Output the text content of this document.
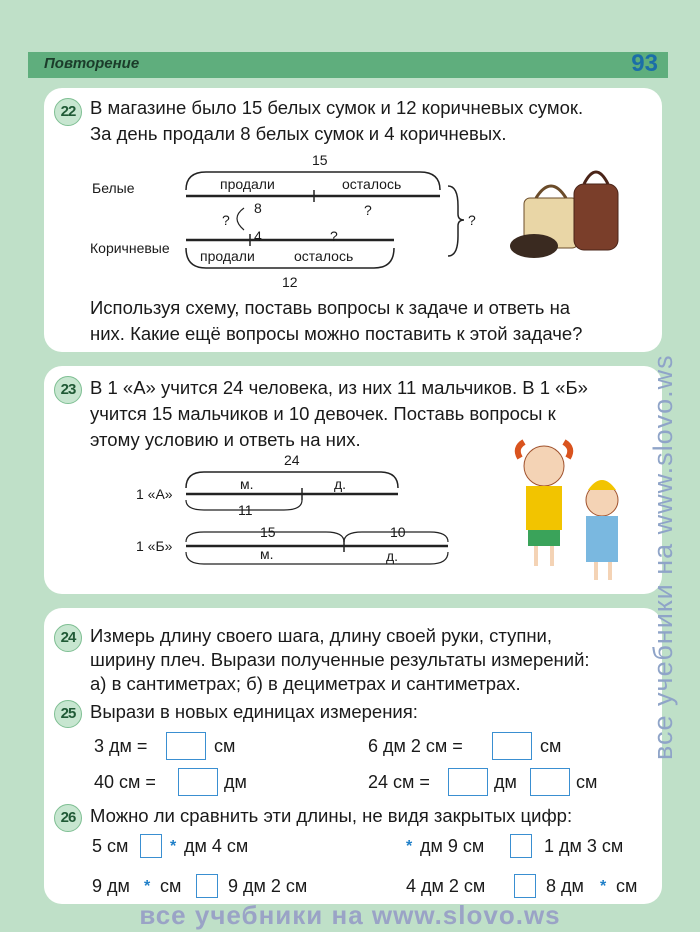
Повторение	93
22 В магазине было 15 белых сумок и 12 коричневых сумок.
За день продали 8 белых сумок и 4 коричневых.
Белые
Коричневые
15
продали	осталось
8	?
?
4	?
продали	осталось
12
?
Используя схему, поставь вопросы к задаче и ответь на
них. Какие ещё вопросы можно поставить к этой задаче?
23 В 1 «А» учится 24 человека, из них 11 мальчиков. В 1 «Б»
учится 15 мальчиков и 10 девочек. Поставь вопросы к
этому условию и ответь на них.
24
м.	д.
1 «А»
11
15	10
1 «Б»	м.	д.
24 Измерь длину своего шага, длину своей руки, ступни,
ширину плеч. Вырази полученные результаты измерений:
а) в сантиметрах; б) в дециметрах и сантиметрах.
25 Вырази в новых единицах измерения:
3 дм =	см	6 дм 2 см =	см
40 см =	дм	24 см =	дм	см
26 Можно ли сравнить эти длины, не видя закрытых цифр:
5 см	* дм 4 см	* дм 9 см	1 дм 3 см
9 дм * см	9 дм 2 см	4 дм 2 см	8 дм * см
все учебники на www.slovo.ws
все учебники на www.slovo.ws
